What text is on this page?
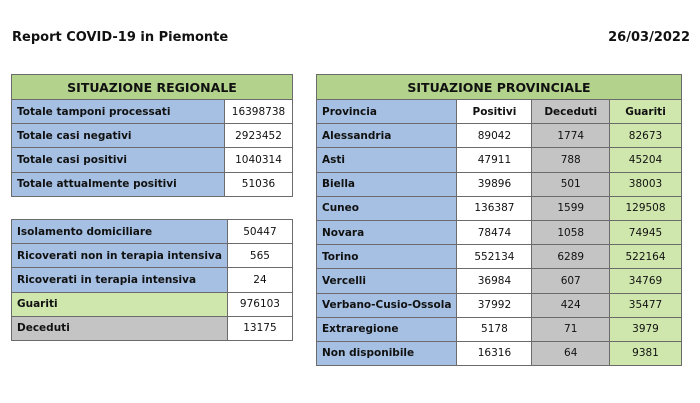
Report COVID-19 in Piemonte	26/03/2022
SITUAZIONE REGIONALE	
Totale tamponi processati	16398738
Totale casi negativi	2923452
Totale casi positivi	1040314
Totale attualmente positivi	51036
Isolamento domiciliare	50447
Ricoverati non in terapia intensiva	565
Ricoverati in terapia intensiva	24
Guariti	976103
Deceduti	13175
SITUAZIONE PROVINCIALE			
Provincia	Positivi	Deceduti	Guariti
Alessandria	89042	1774	82673
Asti	47911	788	45204
Biella	39896	501	38003
Cuneo	136387	1599	129508
Novara	78474	1058	74945
Torino	552134	6289	522164
Vercelli	36984	607	34769
Verbano-Cusio-Ossola	37992	424	35477
Extraregione	5178	71	3979
Non disponibile	16316	64	9381
